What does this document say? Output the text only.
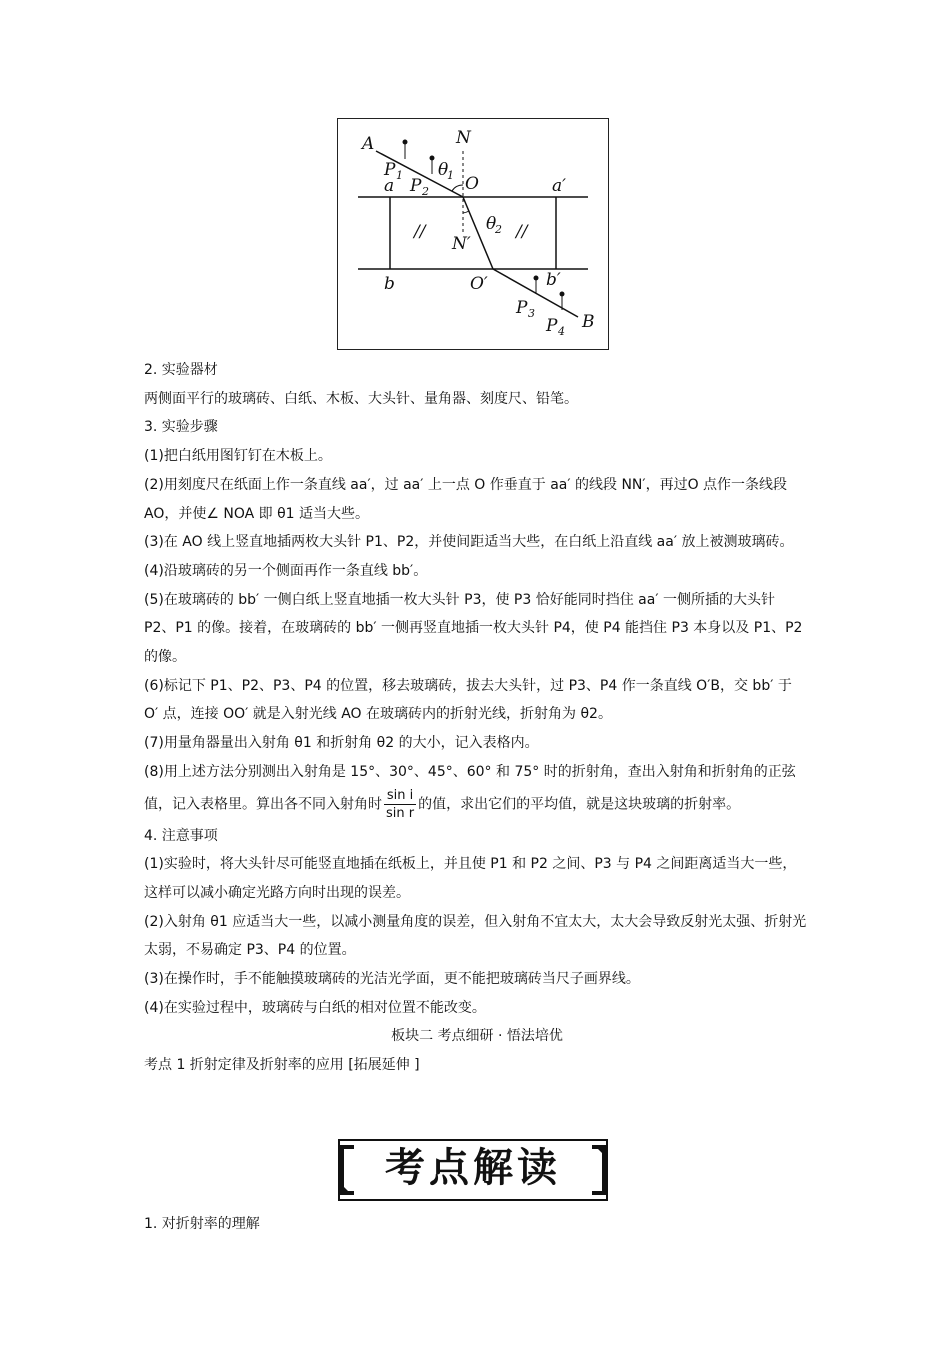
A	N
P 1
P 2
θ
1 O
a	a′
//	//
θ
2
N′
b	O′	b′
P 3
P 4 B

2. 实验器材

两侧面平行的玻璃砖、白纸、木板、大头针、量角器、刻度尺、铅笔。

3. 实验步骤

(1)把白纸用图钉钉在木板上。

(2)用刻度尺在纸面上作一条直线 aa′，过 aa′ 上一点 O 作垂直于 aa′ 的线段 NN′，再过O 点作一条线段 AO，并使∠ NOA 即 θ1 适当大些。

(3)在 AO 线上竖直地插两枚大头针 P1、P2，并使间距适当大些，在白纸上沿直线 aa′ 放上被测玻璃砖。

(4)沿玻璃砖的另一个侧面再作一条直线 bb′。

(5)在玻璃砖的 bb′ 一侧白纸上竖直地插一枚大头针 P3，使 P3 恰好能同时挡住 aa′ 一侧所插的大头针 P2、P1 的像。接着，在玻璃砖的 bb′ 一侧再竖直地插一枚大头针 P4，使 P4 能挡住 P3 本身以及 P1、P2 的像。

(6)标记下 P1、P2、P3、P4 的位置，移去玻璃砖，拔去大头针，过 P3、P4 作一条直线 O′B，交 bb′ 于 O′ 点，连接 OO′ 就是入射光线 AO 在玻璃砖内的折射光线，折射角为 θ2。

(7)用量角器量出入射角 θ1 和折射角 θ2 的大小，记入表格内。

(8)用上述方法分别测出入射角是 15°、30°、45°、60° 和 75° 时的折射角，查出入射角和折射角的正弦值，记入表格里。算出各不同入射角时 $\frac{\text{sin i}}{\text{sin r}}$ 的值，求出它们的平均值，就是这块玻璃的折射率。

4. 注意事项

(1)实验时，将大头针尽可能竖直地插在纸板上，并且使 P1 和 P2 之间、P3 与 P4 之间距离适当大一些，这样可以减小确定光路方向时出现的误差。

(2)入射角 θ1 应适当大一些，以减小测量角度的误差，但入射角不宜太大，太大会导致反射光太强、折射光太弱，不易确定 P3、P4 的位置。

(3)在操作时，手不能触摸玻璃砖的光洁光学面，更不能把玻璃砖当尺子画界线。

(4)在实验过程中，玻璃砖与白纸的相对位置不能改变。

板块二 考点细研 · 悟法培优

考点 1 折射定律及折射率的应用 [拓展延伸 ]

考点解读
1. 对折射率的理解
